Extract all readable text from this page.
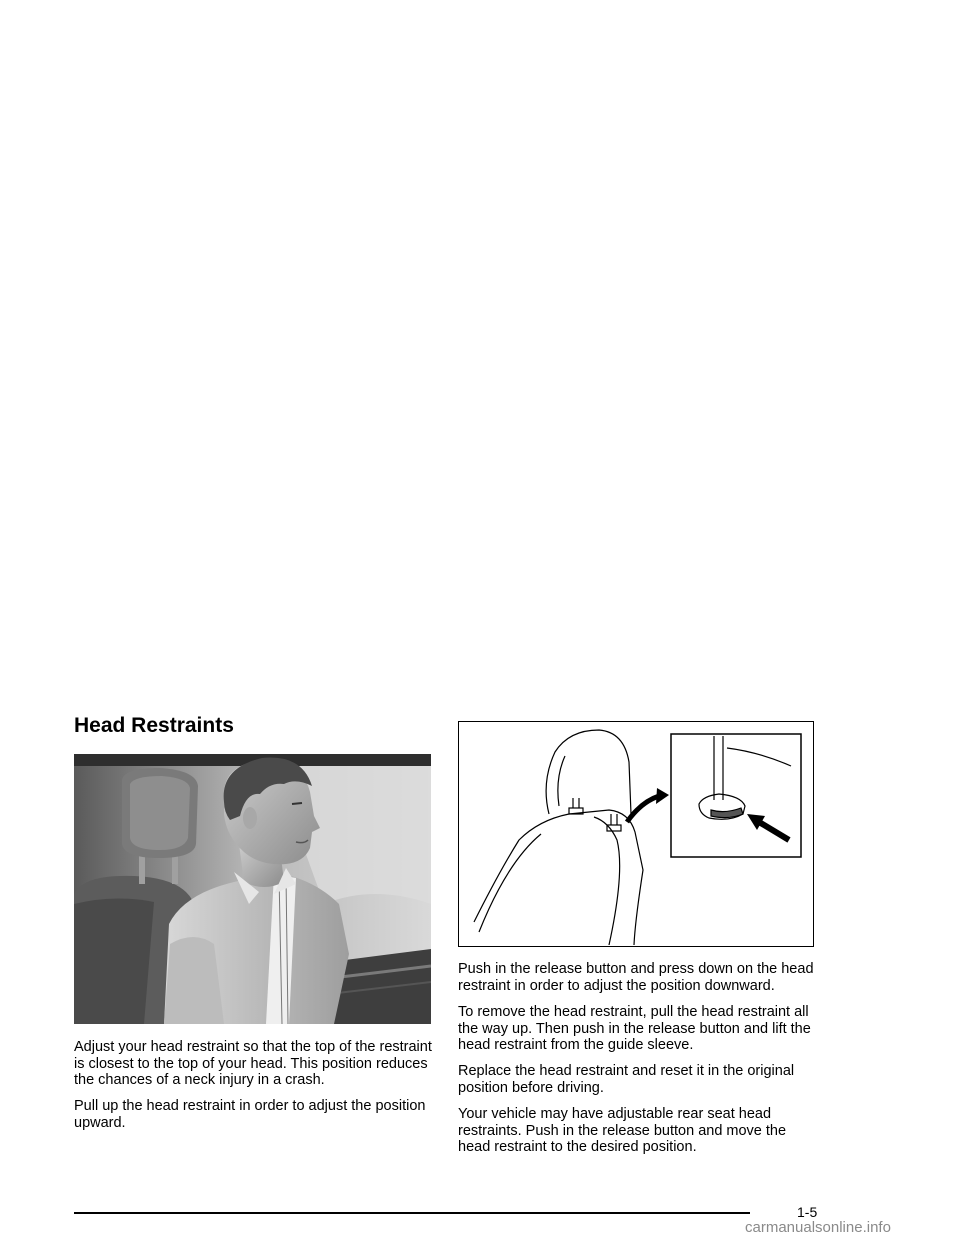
Head Restraints

Adjust your head restraint so that the top of the restraint is closest to the top of your head. This position reduces the chances of a neck injury in a crash.

Pull up the head restraint in order to adjust the position upward.

Push in the release button and press down on the head restraint in order to adjust the position downward.

To remove the head restraint, pull the head restraint all the way up. Then push in the release button and lift the head restraint from the guide sleeve.

Replace the head restraint and reset it in the original position before driving.

Your vehicle may have adjustable rear seat head restraints. Push in the release button and move the head restraint to the desired position.

1-5
carmanualsonline.info
